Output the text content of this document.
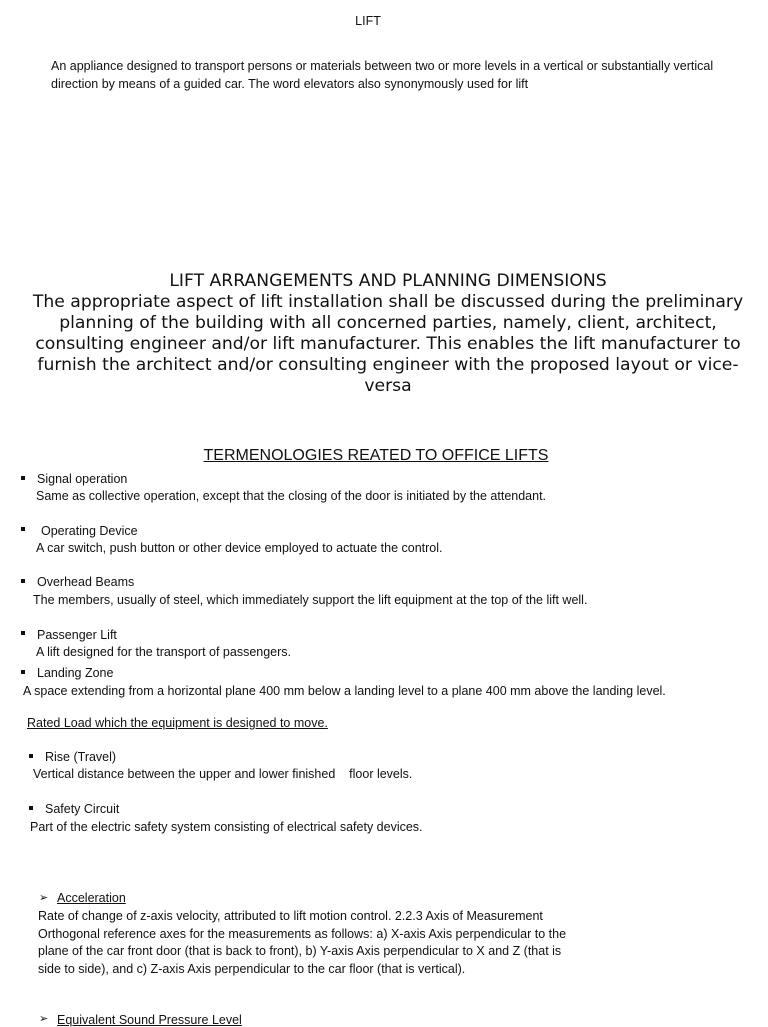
LIFT
An appliance designed to transport persons or materials between two or more levels in a vertical or substantially vertical direction by means of a guided car. The word elevators also synonymously used for lift
LIFT ARRANGEMENTS AND PLANNING DIMENSIONS
The appropriate aspect of lift installation shall be discussed during the preliminary planning of the building with all concerned parties, namely, client, architect, consulting engineer and/or lift manufacturer. This enables the lift manufacturer to furnish the architect and/or consulting engineer with the proposed layout or vice-versa
TERMENOLOGIES REATED TO OFFICE LIFTS
Signal operation
Same as collective operation, except that the closing of the door is initiated by the attendant.
Operating Device
A car switch, push button or other device employed to actuate the control.
Overhead Beams
The members, usually of steel, which immediately support the lift equipment at the top of the lift well.
Passenger Lift
A lift designed for the transport of passengers.
Landing Zone
A space extending from a horizontal plane 400 mm below a landing level to a plane 400 mm above the landing level.
Rated Load which the equipment is designed to move.
Rise (Travel)
Vertical distance between the upper and lower finished    floor levels.
Safety Circuit
Part of the electric safety system consisting of electrical safety devices.
➢ Acceleration
Rate of change of z-axis velocity, attributed to lift motion control. 2.2.3 Axis of Measurement Orthogonal reference axes for the measurements as follows: a) X-axis Axis perpendicular to the plane of the car front door (that is back to front), b) Y-axis Axis perpendicular to X and Z (that is side to side), and c) Z-axis Axis perpendicular to the car floor (that is vertical).
➢ Equivalent Sound Pressure Level
